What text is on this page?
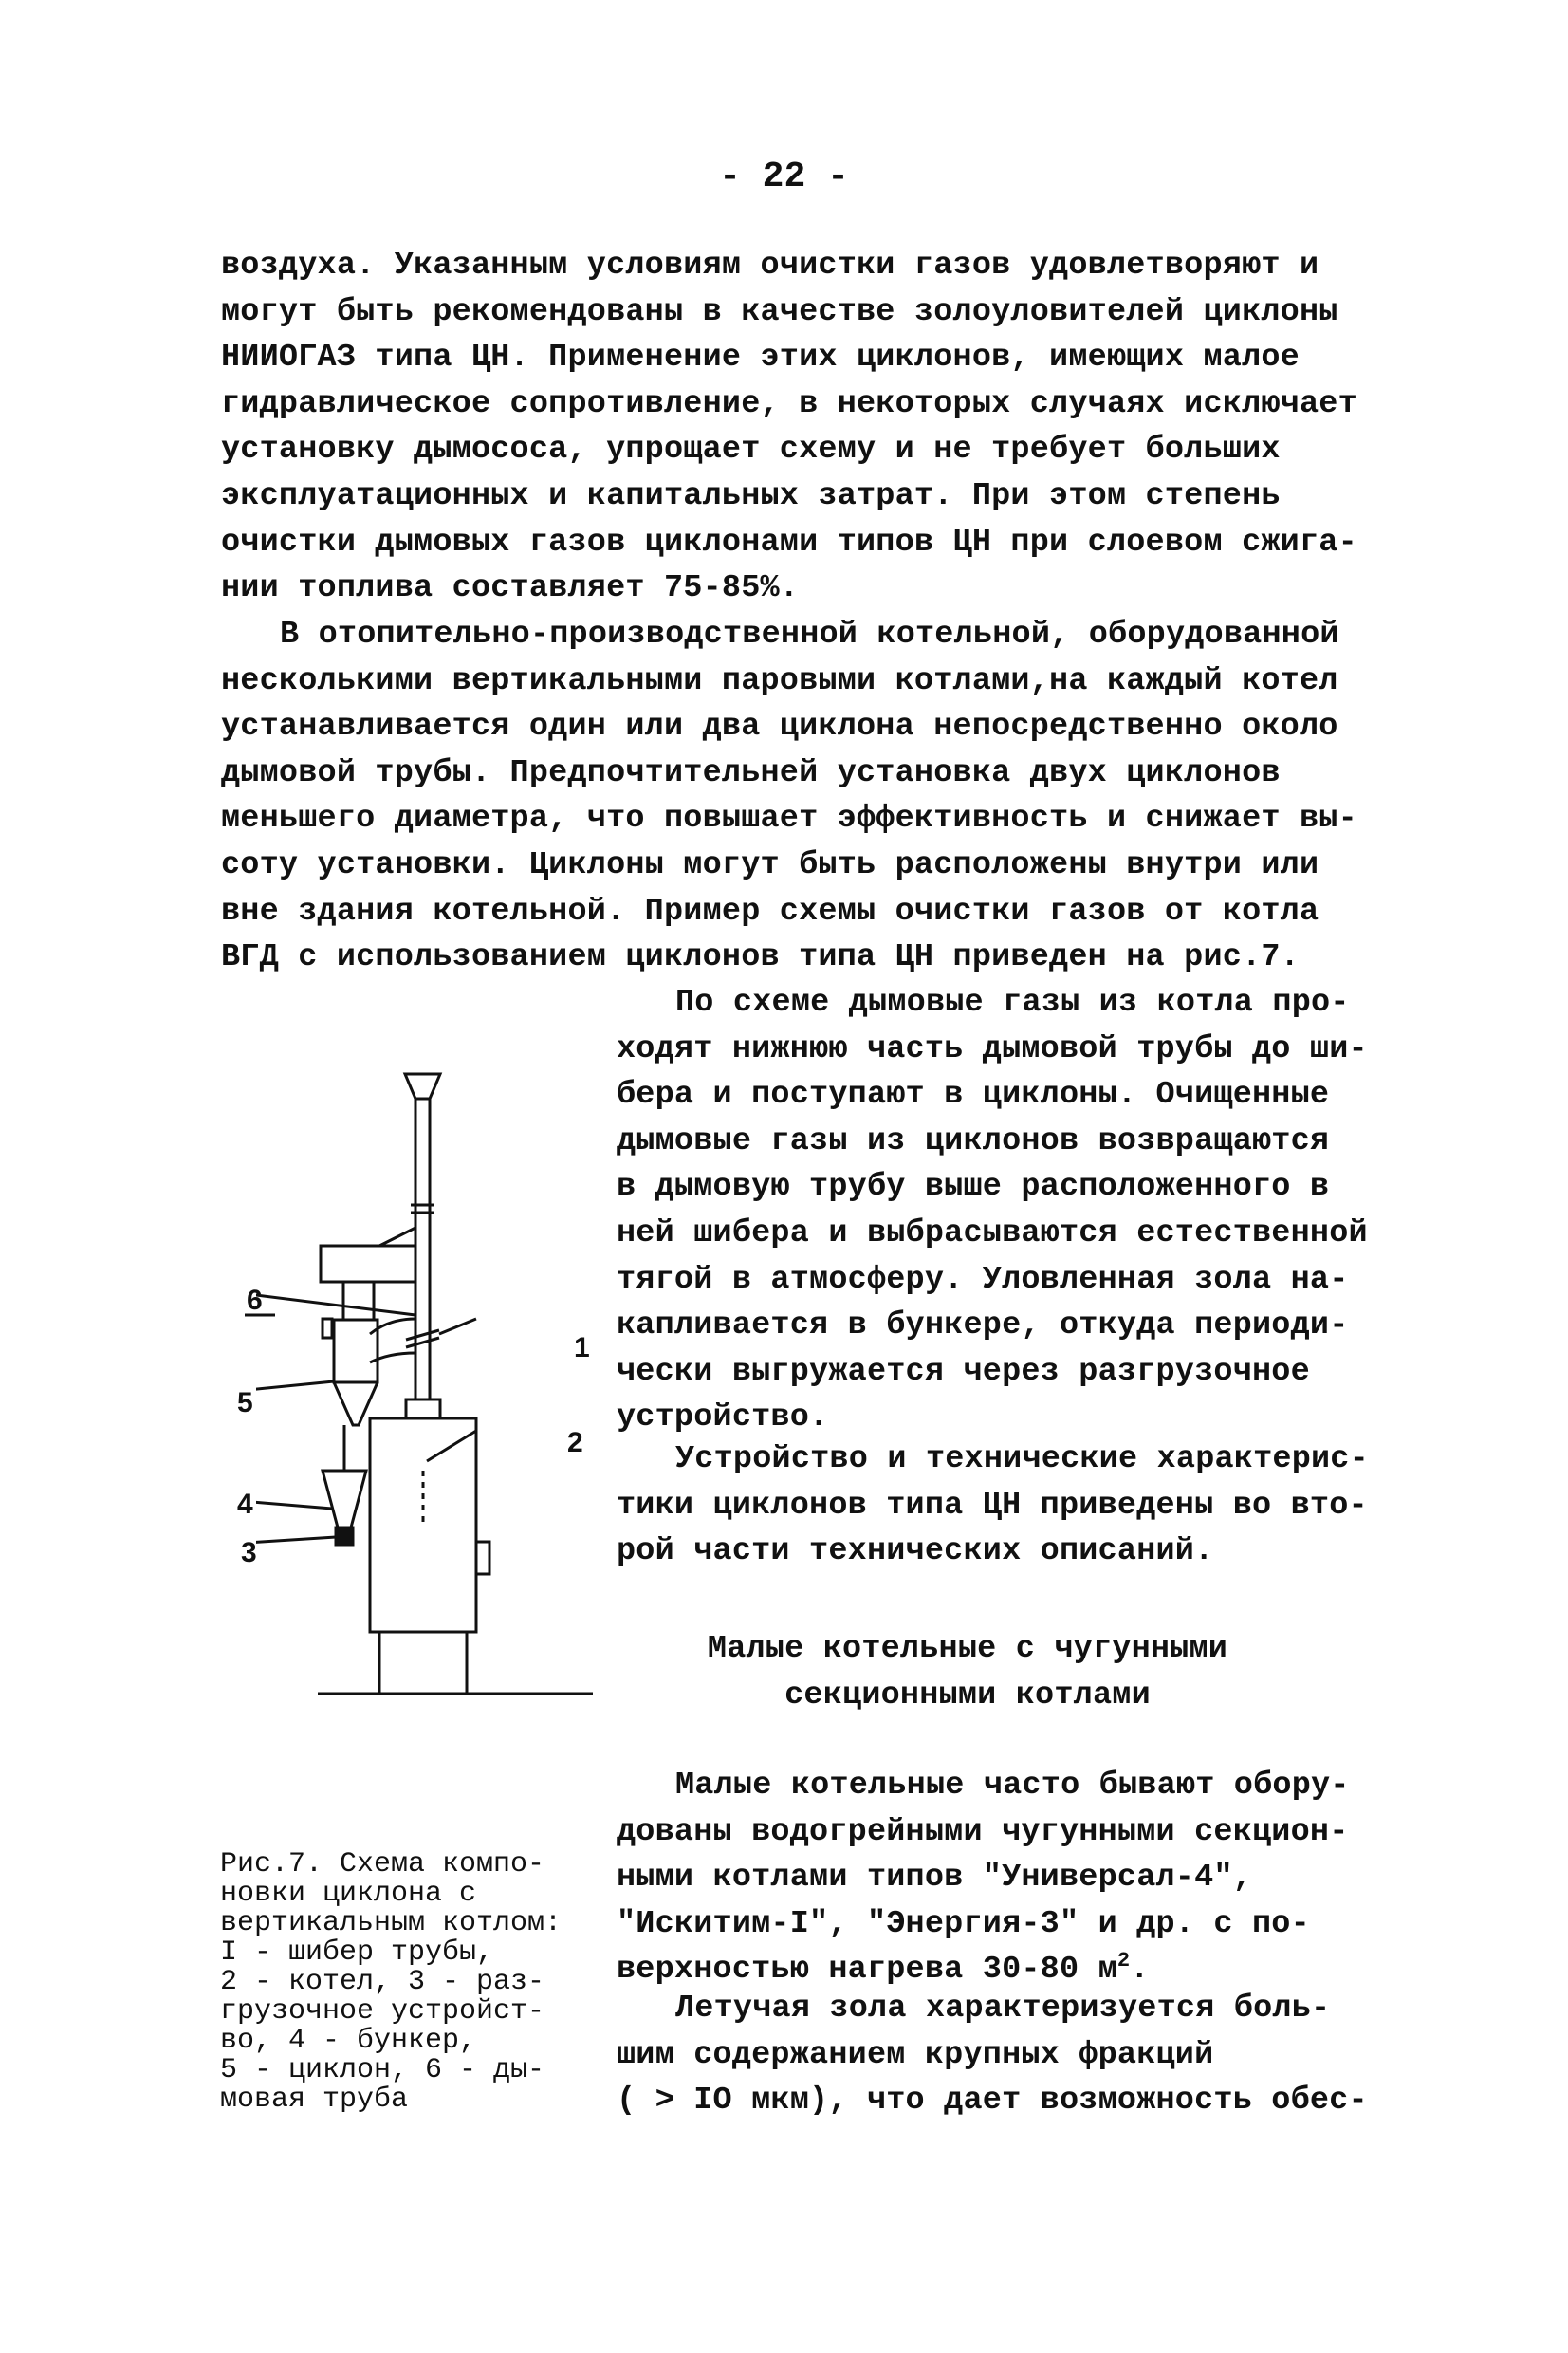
- 22 -
воздуха. Указанным условиям очистки газов удовлетворяют и
могут быть рекомендованы в качестве золоуловителей циклоны
НИИОГАЗ типа ЦН. Применение этих циклонов, имеющих малое
гидравлическое сопротивление, в некоторых случаях исключает
установку дымососа, упрощает схему и не требует больших
эксплуатационных и капитальных затрат. При этом степень
очистки дымовых газов циклонами типов ЦН при слоевом сжига-
нии топлива составляет 75-85%.
В отопительно-производственной котельной, оборудованной
несколькими вертикальными паровыми котлами,на каждый котел
устанавливается один или два циклона непосредственно около
дымовой трубы. Предпочтительней установка двух циклонов
меньшего диаметра, что повышает эффективность и снижает вы-
соту установки. Циклоны могут быть расположены внутри или
вне здания котельной. Пример схемы очистки газов от котла
ВГД с использованием циклонов типа ЦН приведен на рис.7.
По схеме дымовые газы из котла про-
ходят нижнюю часть дымовой трубы до ши-
бера и поступают в циклоны. Очищенные
дымовые газы из циклонов возвращаются
в дымовую трубу выше расположенного в
ней шибера и выбрасываются естественной
тягой в атмосферу. Уловленная зола на-
капливается в бункере, откуда периоди-
чески выгружается через разгрузочное
устройство.
Устройство и технические характерис-
тики циклонов типа ЦН приведены во вто-
рой части технических описаний.
Малые котельные с чугунными
секционными котлами
Малые котельные часто бывают обору-
дованы водогрейными чугунными секцион-
ными котлами типов "Универсал-4",
"Искитим-I", "Энергия-3" и др. с по-
верхностью нагрева 30-80 $м^2$.
Летучая зола характеризуется боль-
шим содержанием крупных фракций
( > IO мкм), что дает возможность обес-
6
1
5
2
4
3
Рис.7. Схема компо-
новки циклона с
вертикальным котлом:
I - шибер трубы,
2 - котел, 3 - раз-
грузочное устройст-
во, 4 - бункер,
5 - циклон, 6 - ды-
мовая труба
